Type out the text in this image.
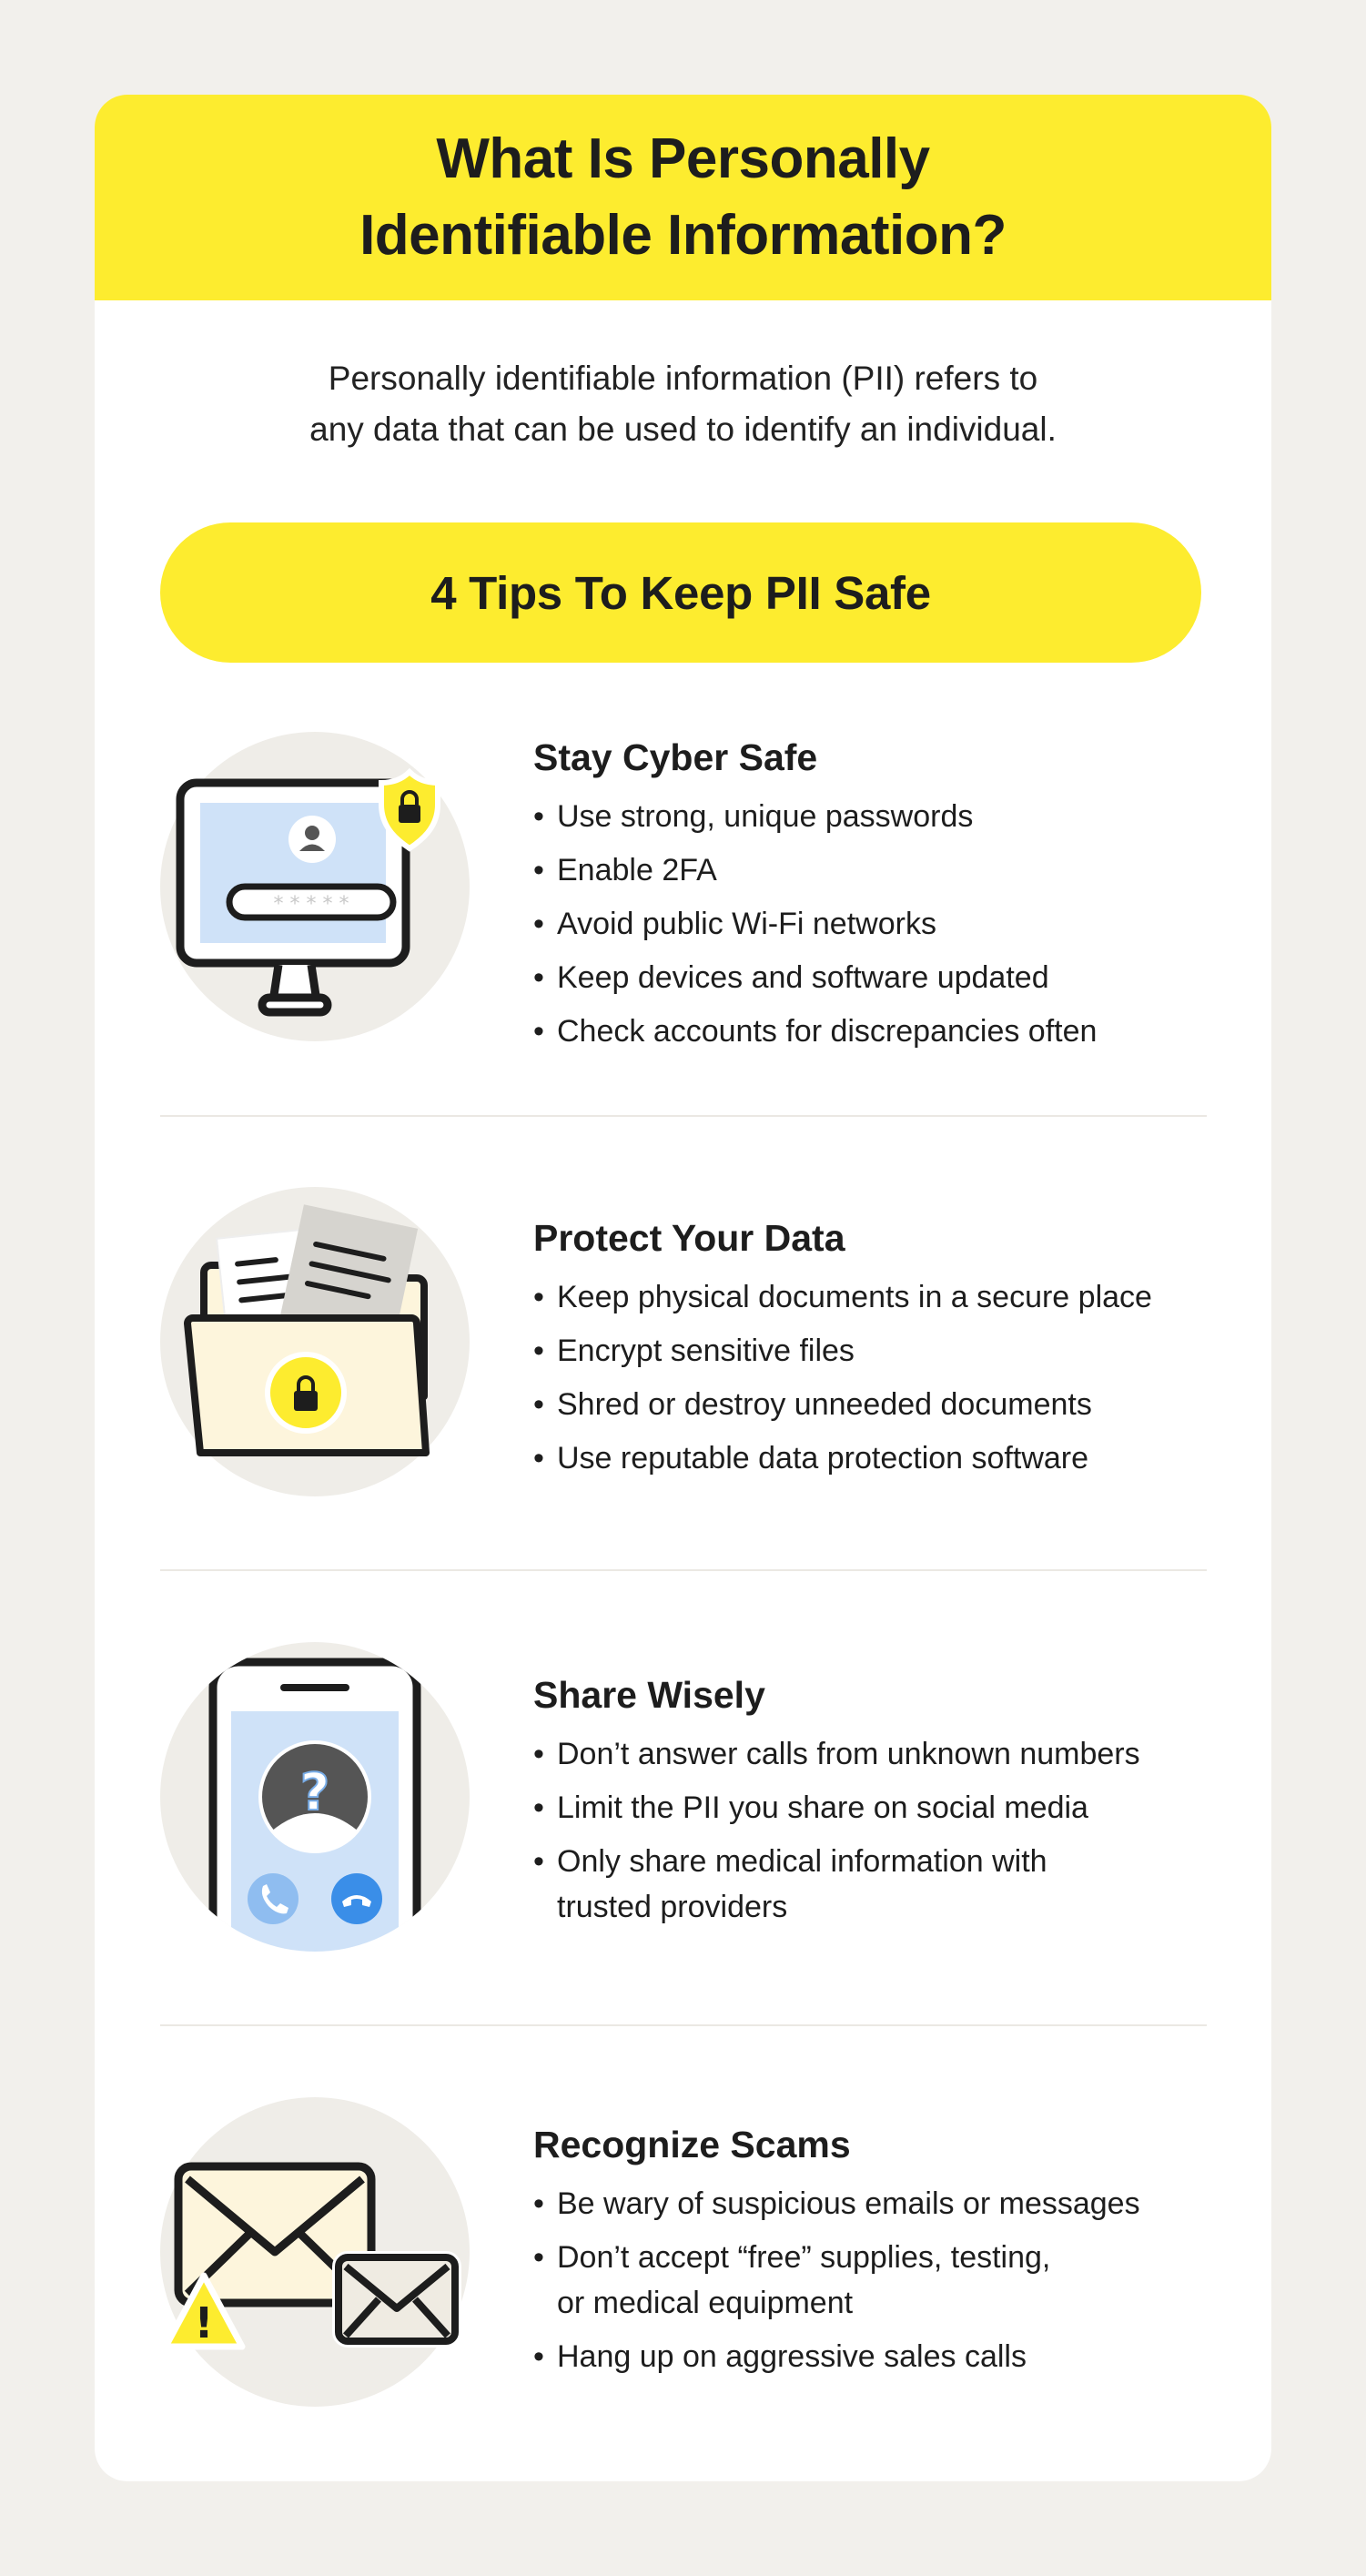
What Is Personally
Identifiable Information?
Personally identifiable information (PII) refers to
any data that can be used to identify an individual.
4 Tips To Keep PII Safe
* * * * *
Stay Cyber Safe
• Use strong, unique passwords
• Enable 2FA
• Avoid public Wi-Fi networks
• Keep devices and software updated
• Check accounts for discrepancies often
Protect Your Data
• Keep physical documents in a secure place
• Encrypt sensitive files
• Shred or destroy unneeded documents
• Use reputable data protection software
?
Share Wisely
• Don’t answer calls from unknown numbers
• Limit the PII you share on social media
• Only share medical information with
trusted providers
!
Recognize Scams
• Be wary of suspicious emails or messages
• Don’t accept “free” supplies, testing,
or medical equipment
• Hang up on aggressive sales calls
